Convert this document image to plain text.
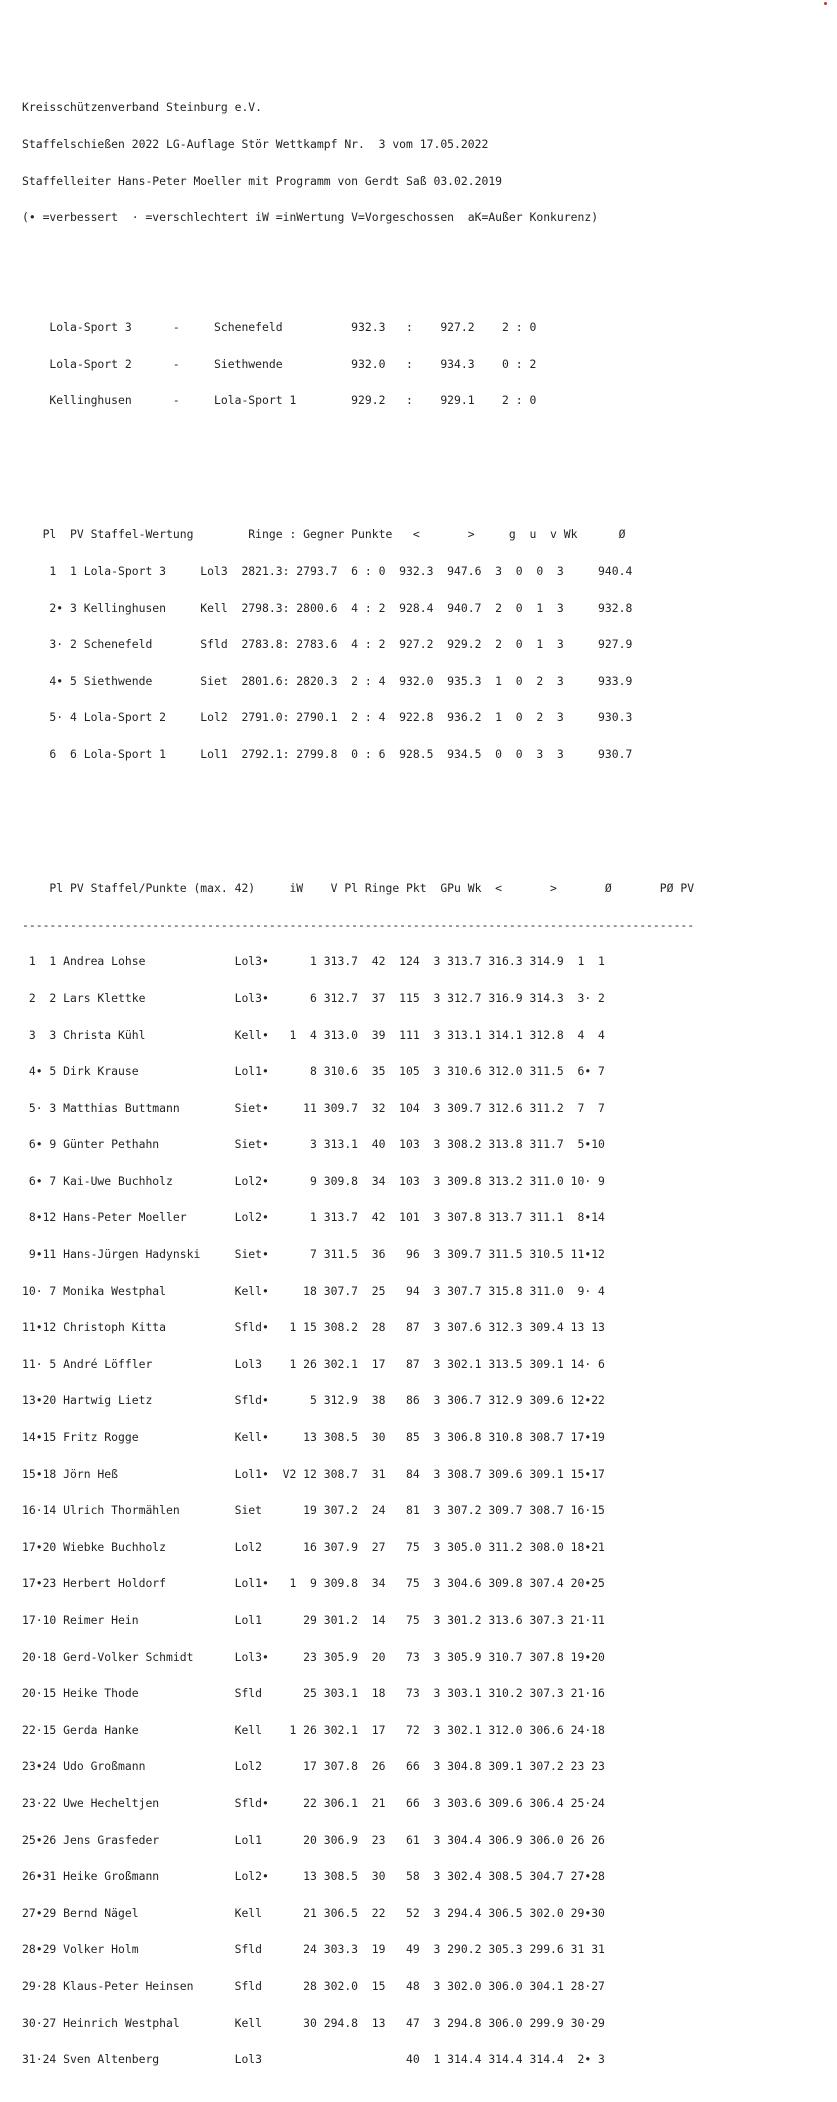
Kreisschützenverband Steinburg e.V.

Staffelschießen 2022 LG-Auflage Stör Wettkampf Nr.  3 vom 17.05.2022

Staffelleiter Hans-Peter Moeller mit Programm von Gerdt Saß 03.02.2019

(• =verbessert  · =verschlechtert iW =inWertung V=Vorgeschossen  aK=Außer Konkurenz)

Lola-Sport 3      -     Schenefeld          932.3   :    927.2    2 : 0

Lola-Sport 2      -     Siethwende          932.0   :    934.3    0 : 2

Kellinghusen      -     Lola-Sport 1        929.2   :    929.1    2 : 0

Pl  PV Staffel-Wertung        Ringe : Gegner Punkte   <       >     g  u  v Wk      Ø

1  1 Lola-Sport 3     Lol3  2821.3: 2793.7  6 : 0  932.3  947.6  3  0  0  3     940.4

2• 3 Kellinghusen     Kell  2798.3: 2800.6  4 : 2  928.4  940.7  2  0  1  3     932.8

3· 2 Schenefeld       Sfld  2783.8: 2783.6  4 : 2  927.2  929.2  2  0  1  3     927.9

4• 5 Siethwende       Siet  2801.6: 2820.3  2 : 4  932.0  935.3  1  0  2  3     933.9

5· 4 Lola-Sport 2     Lol2  2791.0: 2790.1  2 : 4  922.8  936.2  1  0  2  3     930.3

6  6 Lola-Sport 1     Lol1  2792.1: 2799.8  0 : 6  928.5  934.5  0  0  3  3     930.7

Pl PV Staffel/Punkte (max. 42)     iW    V Pl Ringe Pkt  GPu Wk  <       >       Ø       PØ PV

--------------------------------------------------------------------------------------------------

1  1 Andrea Lohse             Lol3•      1 313.7  42  124  3 313.7 316.3 314.9  1  1

2  2 Lars Klettke             Lol3•      6 312.7  37  115  3 312.7 316.9 314.3  3· 2

3  3 Christa Kühl             Kell•   1  4 313.0  39  111  3 313.1 314.1 312.8  4  4

4• 5 Dirk Krause              Lol1•      8 310.6  35  105  3 310.6 312.0 311.5  6• 7

5· 3 Matthias Buttmann        Siet•     11 309.7  32  104  3 309.7 312.6 311.2  7  7

6• 9 Günter Pethahn           Siet•      3 313.1  40  103  3 308.2 313.8 311.7  5•10

6• 7 Kai-Uwe Buchholz         Lol2•      9 309.8  34  103  3 309.8 313.2 311.0 10· 9

8•12 Hans-Peter Moeller       Lol2•      1 313.7  42  101  3 307.8 313.7 311.1  8•14

9•11 Hans-Jürgen Hadynski     Siet•      7 311.5  36   96  3 309.7 311.5 310.5 11•12

10· 7 Monika Westphal          Kell•     18 307.7  25   94  3 307.7 315.8 311.0  9· 4

11•12 Christoph Kitta          Sfld•   1 15 308.2  28   87  3 307.6 312.3 309.4 13 13

11· 5 André Löffler            Lol3    1 26 302.1  17   87  3 302.1 313.5 309.1 14· 6

13•20 Hartwig Lietz            Sfld•      5 312.9  38   86  3 306.7 312.9 309.6 12•22

14•15 Fritz Rogge              Kell•     13 308.5  30   85  3 306.8 310.8 308.7 17•19

15•18 Jörn Heß                 Lol1•  V2 12 308.7  31   84  3 308.7 309.6 309.1 15•17

16·14 Ulrich Thormählen        Siet      19 307.2  24   81  3 307.2 309.7 308.7 16·15

17•20 Wiebke Buchholz          Lol2      16 307.9  27   75  3 305.0 311.2 308.0 18•21

17•23 Herbert Holdorf          Lol1•   1  9 309.8  34   75  3 304.6 309.8 307.4 20•25

17·10 Reimer Hein              Lol1      29 301.2  14   75  3 301.2 313.6 307.3 21·11

20·18 Gerd-Volker Schmidt      Lol3•     23 305.9  20   73  3 305.9 310.7 307.8 19•20

20·15 Heike Thode              Sfld      25 303.1  18   73  3 303.1 310.2 307.3 21·16

22·15 Gerda Hanke              Kell    1 26 302.1  17   72  3 302.1 312.0 306.6 24·18

23•24 Udo Großmann             Lol2      17 307.8  26   66  3 304.8 309.1 307.2 23 23

23·22 Uwe Hecheltjen           Sfld•     22 306.1  21   66  3 303.6 309.6 306.4 25·24

25•26 Jens Grasfeder           Lol1      20 306.9  23   61  3 304.4 306.9 306.0 26 26

26•31 Heike Großmann           Lol2•     13 308.5  30   58  3 302.4 308.5 304.7 27•28

27•29 Bernd Nägel              Kell      21 306.5  22   52  3 294.4 306.5 302.0 29•30

28•29 Volker Holm              Sfld      24 303.3  19   49  3 290.2 305.3 299.6 31 31

29·28 Klaus-Peter Heinsen      Sfld      28 302.0  15   48  3 302.0 306.0 304.1 28·27

30·27 Heinrich Westphal        Kell      30 294.8  13   47  3 294.8 306.0 299.9 30·29

31·24 Sven Altenberg           Lol3                     40  1 314.4 314.4 314.4  2• 3
